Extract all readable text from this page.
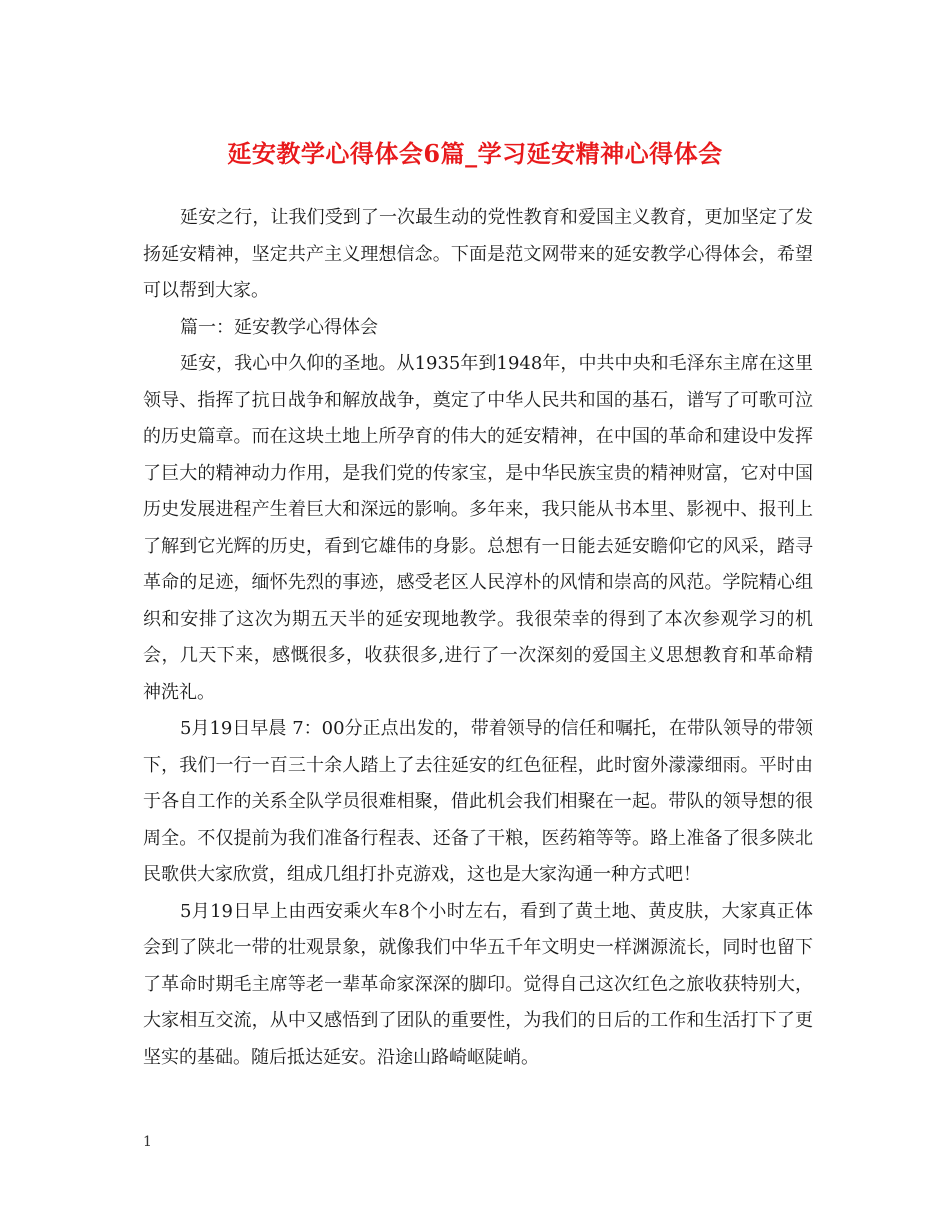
延安教学心得体会6篇_学习延安精神心得体会

延安之行，让我们受到了一次最生动的党性教育和爱国主义教育，更加坚定了发扬延安精神，坚定共产主义理想信念。下面是范文网带来的延安教学心得体会，希望可以帮到大家。

篇一：延安教学心得体会

延安，我心中久仰的圣地。从1935年到1948年，中共中央和毛泽东主席在这里领导、指挥了抗日战争和解放战争，奠定了中华人民共和国的基石，谱写了可歌可泣的历史篇章。而在这块土地上所孕育的伟大的延安精神，在中国的革命和建设中发挥了巨大的精神动力作用，是我们党的传家宝，是中华民族宝贵的精神财富，它对中国历史发展进程产生着巨大和深远的影响。多年来，我只能从书本里、影视中、报刊上了解到它光辉的历史，看到它雄伟的身影。总想有一日能去延安瞻仰它的风采，踏寻革命的足迹，缅怀先烈的事迹，感受老区人民淳朴的风情和崇高的风范。学院精心组织和安排了这次为期五天半的延安现地教学。我很荣幸的得到了本次参观学习的机会，几天下来，感慨很多，收获很多,进行了一次深刻的爱国主义思想教育和革命精神洗礼。

5月19日早晨 7：00分正点出发的，带着领导的信任和嘱托，在带队领导的带领下，我们一行一百三十余人踏上了去往延安的红色征程，此时窗外濛濛细雨。平时由于各自工作的关系全队学员很难相聚，借此机会我们相聚在一起。带队的领导想的很周全。不仅提前为我们准备行程表、还备了干粮，医药箱等等。路上准备了很多陕北民歌供大家欣赏，组成几组打扑克游戏，这也是大家沟通一种方式吧！

5月19日早上由西安乘火车8个小时左右，看到了黄土地、黄皮肤，大家真正体会到了陕北一带的壮观景象，就像我们中华五千年文明史一样渊源流长，同时也留下了革命时期毛主席等老一辈革命家深深的脚印。觉得自己这次红色之旅收获特别大，大家相互交流，从中又感悟到了团队的重要性，为我们的日后的工作和生活打下了更坚实的基础。随后抵达延安。沿途山路崎岖陡峭。

1
